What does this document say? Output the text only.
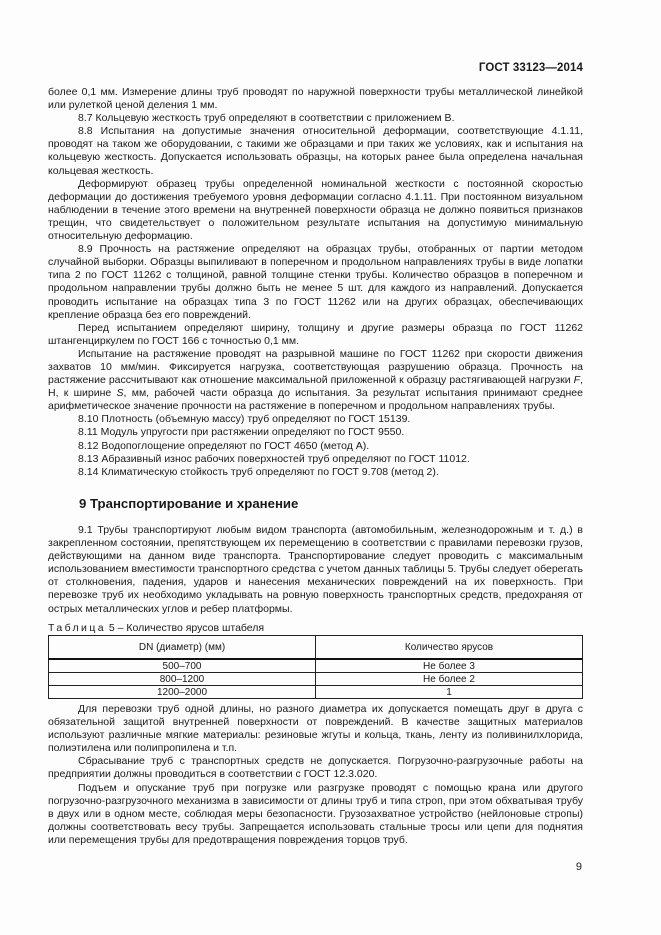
ГОСТ 33123—2014

более 0,1 мм. Измерение длины труб проводят по наружной поверхности трубы металлической линейкой или рулеткой ценой деления 1 мм.

8.7 Кольцевую жесткость труб определяют в соответствии с приложением В.

8.8 Испытания на допустимые значения относительной деформации, соответствующие 4.1.11, проводят на таком же оборудовании, с такими же образцами и при таких же условиях, как и испытания на кольцевую жесткость. Допускается использовать образцы, на которых ранее была определена начальная кольцевая жесткость.

Деформируют образец трубы определенной номинальной жесткости с постоянной скоростью деформации до достижения требуемого уровня деформации согласно 4.1.11. При постоянном визуальном наблюдении в течение этого времени на внутренней поверхности образца не должно появиться признаков трещин, что свидетельствует о положительном результате испытания на допустимую минимальную относительную деформацию.

8.9 Прочность на растяжение определяют на образцах трубы, отобранных от партии методом случайной выборки. Образцы выпиливают в поперечном и продольном направлениях трубы в виде лопатки типа 2 по ГОСТ 11262 с толщиной, равной толщине стенки трубы. Количество образцов в поперечном и продольном направлении трубы должно быть не менее 5 шт. для каждого из направлений. Допускается проводить испытание на образцах типа 3 по ГОСТ 11262 или на других образцах, обеспечивающих крепление образца без его повреждений.

Перед испытанием определяют ширину, толщину и другие размеры образца по ГОСТ 11262 штангенциркулем по ГОСТ 166 с точностью 0,1 мм.

Испытание на растяжение проводят на разрывной машине по ГОСТ 11262 при скорости движения захватов 10 мм/мин. Фиксируется нагрузка, соответствующая разрушению образца. Прочность на растяжение рассчитывают как отношение максимальной приложенной к образцу растягивающей нагрузки F, Н, к ширине S, мм, рабочей части образца до испытания. За результат испытания принимают среднее арифметическое значение прочности на растяжение в поперечном и продольном направлениях трубы.

8.10 Плотность (объемную массу) труб определяют по ГОСТ 15139.

8.11 Модуль упругости при растяжении определяют по ГОСТ 9550.

8.12 Водопоглощение определяют по ГОСТ 4650 (метод А).

8.13 Абразивный износ рабочих поверхностей труб определяют по ГОСТ 11012.

8.14 Климатическую стойкость труб определяют по ГОСТ 9.708 (метод 2).

9 Транспортирование и хранение

9.1 Трубы транспортируют любым видом транспорта (автомобильным, железнодорожным и т. д.) в закрепленном состоянии, препятствующем их перемещению в соответствии с правилами перевозки грузов, действующими на данном виде транспорта. Транспортирование следует проводить с максимальным использованием вместимости транспортного средства с учетом данных таблицы 5. Трубы следует оберегать от столкновения, падения, ударов и нанесения механических повреждений на их поверхность. При перевозке труб их необходимо укладывать на ровную поверхность транспортных средств, предохраняя от острых металлических углов и ребер платформы.

Таблица 5 – Количество ярусов штабеля
DN (диаметр) (мм)	Количество ярусов
500–700	Не более 3
800–1200	Не более 2
1200–2000	1

Для перевозки труб одной длины, но разного диаметра их допускается помещать друг в друга с обязательной защитой внутренней поверхности от повреждений. В качестве защитных материалов используют различные мягкие материалы: резиновые жгуты и кольца, ткань, ленту из поливинилхлорида, полиэтилена или полипропилена и т.п.

Сбрасывание труб с транспортных средств не допускается. Погрузочно-разгрузочные работы на предприятии должны проводиться в соответствии с ГОСТ 12.3.020.

Подъем и опускание труб при погрузке или разгрузке проводят с помощью крана или другого погрузочно-разгрузочного механизма в зависимости от длины труб и типа строп, при этом обхватывая трубу в двух или в одном месте, соблюдая меры безопасности. Грузозахватное устройство (нейлоновые стропы) должны соответствовать весу трубы. Запрещается использовать стальные тросы или цепи для поднятия или перемещения трубы для предотвращения повреждения торцов труб.

9
